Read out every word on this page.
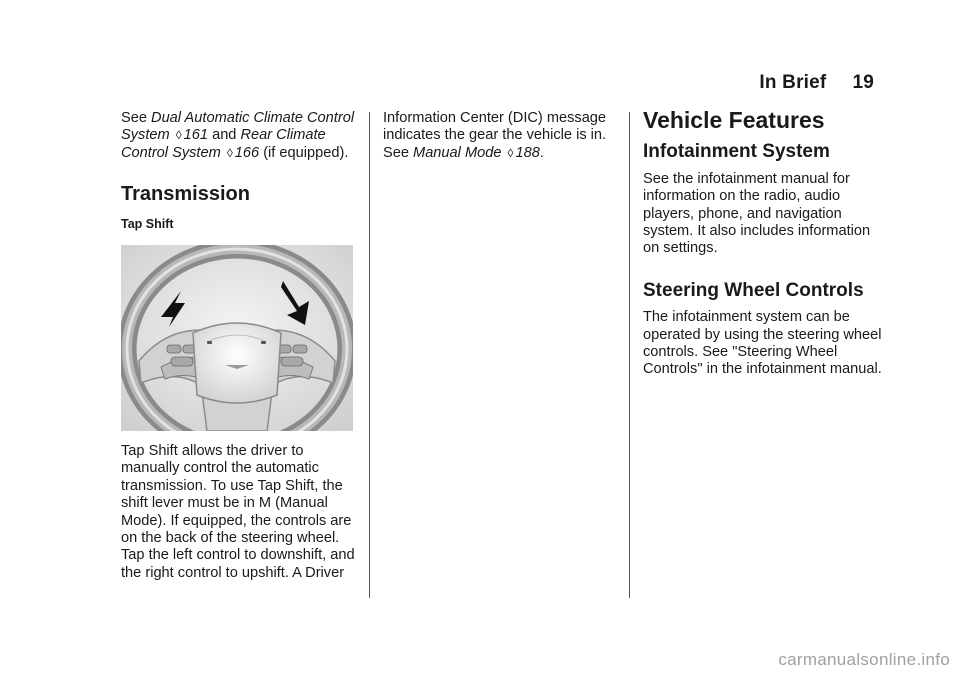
In Brief 19

See Dual Automatic Climate Control System ◊ 161 and Rear Climate Control System ◊ 166 (if equipped).

Transmission
Tap Shift

Tap Shift allows the driver to manually control the automatic transmission. To use Tap Shift, the shift lever must be in M (Manual Mode). If equipped, the controls are on the back of the steering wheel. Tap the left control to downshift, and the right control to upshift. A Driver

Information Center (DIC) message indicates the gear the vehicle is in.
See Manual Mode ◊ 188.

Vehicle Features
Infotainment System

See the infotainment manual for information on the radio, audio players, phone, and navigation system. It also includes information on settings.

Steering Wheel Controls

The infotainment system can be operated by using the steering wheel controls. See "Steering Wheel Controls" in the infotainment manual.

carmanualsonline.info
